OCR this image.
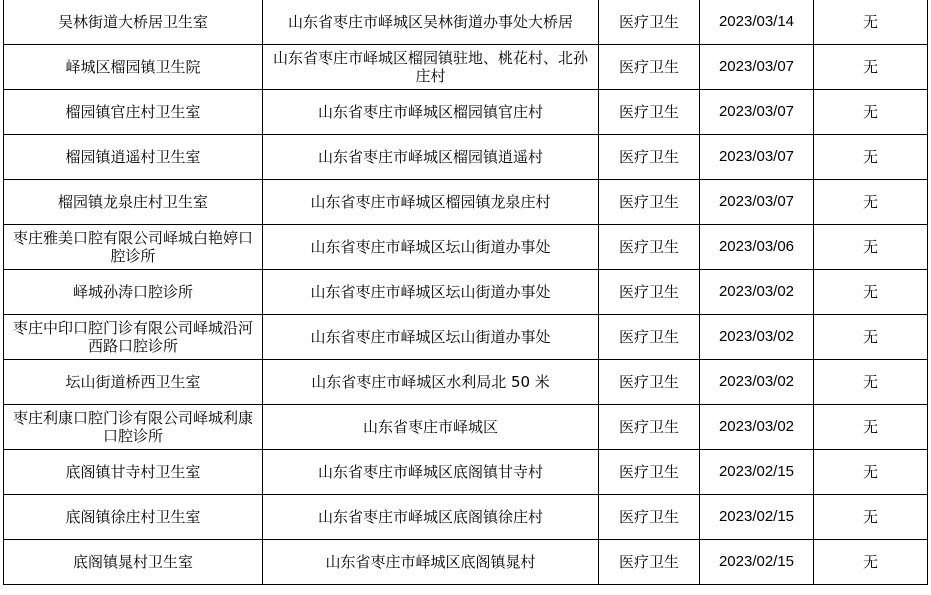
吴林街道大桥居卫生室	山东省枣庄市峄城区吴林街道办事处大桥居	医疗卫生	2023/03/14	无
峄城区榴园镇卫生院	山东省枣庄市峄城区榴园镇驻地、桃花村、北孙庄村	医疗卫生	2023/03/07	无
榴园镇官庄村卫生室	山东省枣庄市峄城区榴园镇官庄村	医疗卫生	2023/03/07	无
榴园镇逍遥村卫生室	山东省枣庄市峄城区榴园镇逍遥村	医疗卫生	2023/03/07	无
榴园镇龙泉庄村卫生室	山东省枣庄市峄城区榴园镇龙泉庄村	医疗卫生	2023/03/07	无
枣庄雅美口腔有限公司峄城白艳婷口腔诊所	山东省枣庄市峄城区坛山街道办事处	医疗卫生	2023/03/06	无
峄城孙涛口腔诊所	山东省枣庄市峄城区坛山街道办事处	医疗卫生	2023/03/02	无
枣庄中印口腔门诊有限公司峄城沿河西路口腔诊所	山东省枣庄市峄城区坛山街道办事处	医疗卫生	2023/03/02	无
坛山街道桥西卫生室	山东省枣庄市峄城区水利局北 50 米	医疗卫生	2023/03/02	无
枣庄利康口腔门诊有限公司峄城利康口腔诊所	山东省枣庄市峄城区	医疗卫生	2023/03/02	无
底阁镇甘寺村卫生室	山东省枣庄市峄城区底阁镇甘寺村	医疗卫生	2023/02/15	无
底阁镇徐庄村卫生室	山东省枣庄市峄城区底阁镇徐庄村	医疗卫生	2023/02/15	无
底阁镇晁村卫生室	山东省枣庄市峄城区底阁镇晁村	医疗卫生	2023/02/15	无
